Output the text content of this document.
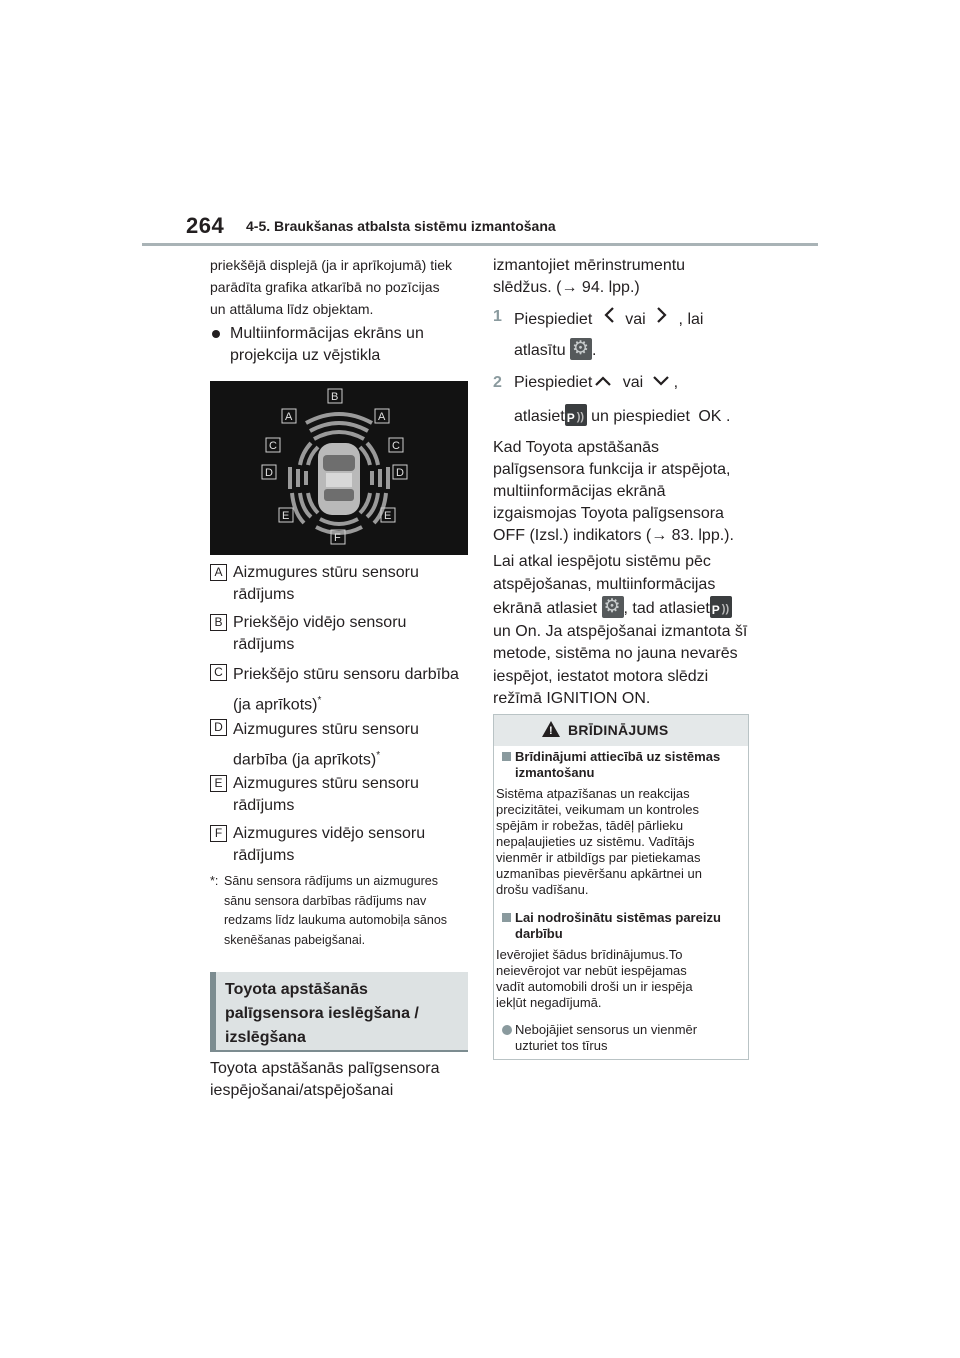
264 4-5. Braukšanas atbalsta sistēmu izmantošana
priekšējā displejā (ja ir aprīkojumā) tiek
parādīta grafika atkarībā no pozīcijas
un attāluma līdz objektam.
Multiinformācijas ekrāns un
projekcija uz vējstikla
B
A	A
C	C
D	D
E	E
F
A Aizmugures stūru sensoru
rādījums
B Priekšējo vidējo sensoru
rādījums
C Priekšējo stūru sensoru darbība
(ja aprīkots)*
D Aizmugures stūru sensoru
darbība (ja aprīkots)*
E Aizmugures stūru sensoru
rādījums
F Aizmugures vidējo sensoru
rādījums
*: Sānu sensora rādījums un aizmugures
sānu sensora darbības rādījums nav
redzams līdz laukuma automobiļa sānos
skenēšanas pabeigšanai.
Toyota apstāšanās
palīgsensora ieslēgšana /
izslēgšana
Toyota apstāšanās palīgsensora
iespējošanai/atspējošanai
izmantojiet mērinstrumentu
slēdžus. (→ 94. lpp.)
1 Piespiediet vai , lai
atlasītu ⚙ .
2 Piespiediet vai ,
atlasiet P )) un piespiediet OK .
Kad Toyota apstāšanās
palīgsensora funkcija ir atspējota,
multiinformācijas ekrānā
izgaismojas Toyota palīgsensora
OFF (Izsl.) indikators (→ 83. lpp.).
Lai atkal iespējotu sistēmu pēc
atspējošanas, multiinformācijas
ekrānā atlasiet ⚙ , tad atlasiet P ))
un On. Ja atspējošanai izmantota šī
metode, sistēma no jauna nevarēs
iespējot, iestatot motora slēdzi
režīmā IGNITION ON.
! BRĪDINĀJUMS
Brīdinājumi attiecībā uz sistēmas
izmantošanu
Sistēma atpazīšanas un reakcijas
precizitātei, veikumam un kontroles
spējām ir robežas, tādēļ pārlieku
nepaļaujieties uz sistēmu. Vadītājs
vienmēr ir atbildīgs par pietiekamas
uzmanības pievēršanu apkārtnei un
drošu vadīšanu.
Lai nodrošinātu sistēmas pareizu
darbību
Ievērojiet šādus brīdinājumus.To
neievērojot var nebūt iespējamas
vadīt automobili droši un ir iespēja
iekļūt negadījumā.
Nebojājiet sensorus un vienmēr
uzturiet tos tīrus
